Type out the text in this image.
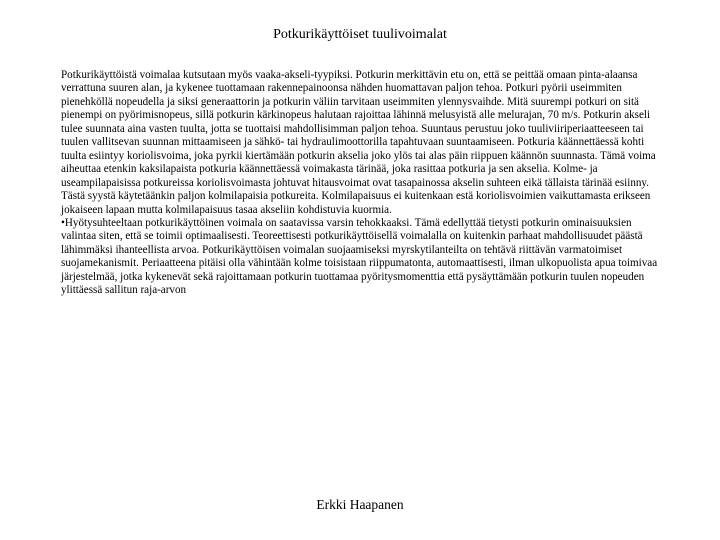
Potkurikäyttöiset tuulivoimalat

Potkurikäyttöistä voimalaa kutsutaan myös vaaka-akseli-tyypiksi. Potkurin merkittävin etu on, että se peittää omaan pinta-alaansa verrattuna suuren alan, ja kykenee tuottamaan rakennepainoonsa nähden huomattavan paljon tehoa. Potkuri pyörii useimmiten pienehköllä nopeudella ja siksi generaattorin ja potkurin väliin tarvitaan useimmiten ylennysvaihde. Mitä suurempi potkuri on sitä pienempi on pyörimisnopeus, sillä potkurin kärkinopeus halutaan rajoittaa lähinnä melusyistä alle melurajan, 70 m/s. Potkurin akseli tulee suunnata aina vasten tuulta, jotta se tuottaisi mahdollisimman paljon tehoa. Suuntaus perustuu joko tuuliviiriperiaatteeseen tai tuulen vallitsevan suunnan mittaamiseen ja sähkö- tai hydraulimoottorilla tapahtuvaan suuntaamiseen. Potkuria käännettäessä kohti tuulta esiintyy koriolisvoima, joka pyrkii kiertämään potkurin akselia joko ylös tai alas päin riippuen käännön suunnasta. Tämä voima aiheuttaa etenkin kaksilapaista potkuria käännettäessä voimakasta tärinää, joka rasittaa potkuria ja sen akselia. Kolme- ja useampilapaisissa potkureissa koriolisvoimasta johtuvat hitausvoimat ovat tasapainossa akselin suhteen eikä tällaista tärinää esiinny. Tästä syystä käytetäänkin paljon kolmilapaisia potkureita. Kolmilapaisuus ei kuitenkaan estä koriolisvoimien vaikuttamasta erikseen jokaiseen lapaan mutta kolmilapaisuus tasaa akseliin kohdistuvia kuormia.

•Hyötysuhteeltaan potkurikäyttöinen voimala on saatavissa varsin tehokkaaksi. Tämä edellyttää tietysti potkurin ominaisuuksien valintaa siten, että se toimii optimaalisesti. Teoreettisesti potkurikäyttöisellä voimalalla on kuitenkin parhaat mahdollisuudet päästä lähimmäksi ihanteellista arvoa. Potkurikäyttöisen voimalan suojaamiseksi myrskytilanteilta on tehtävä riittävän varmatoimiset suojamekanismit. Periaatteena pitäisi olla vähintään kolme toisistaan riippumatonta, automaattisesti, ilman ulkopuolista apua toimivaa järjestelmää, jotka kykenevät sekä rajoittamaan potkurin tuottamaa pyöritysmomenttia että pysäyttämään potkurin tuulen nopeuden ylittäessä sallitun raja-arvon

Erkki Haapanen
